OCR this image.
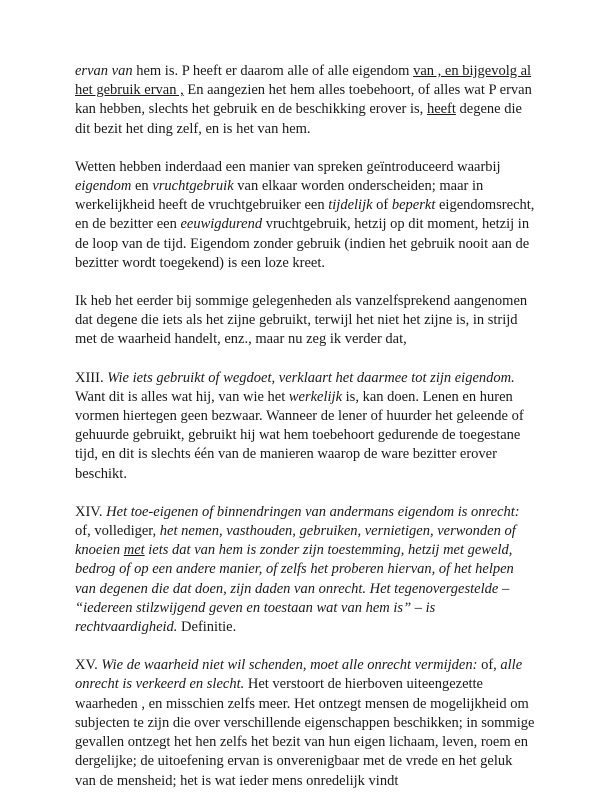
ervan van hem is. P heeft er daarom alle of alle eigendom van , en bijgevolg al het gebruik ervan , En aangezien het hem alles toebehoort, of alles wat P ervan kan hebben, slechts het gebruik en de beschikking erover is, heeft degene die dit bezit het ding zelf, en is het van hem.

Wetten hebben inderdaad een manier van spreken geïntroduceerd waarbij eigendom en vruchtgebruik van elkaar worden onderscheiden; maar in werkelijkheid heeft de vruchtgebruiker een tijdelijk of beperkt eigendomsrecht, en de bezitter een eeuwigdurend vruchtgebruik, hetzij op dit moment, hetzij in de loop van de tijd. Eigendom zonder gebruik (indien het gebruik nooit aan de bezitter wordt toegekend) is een loze kreet.

Ik heb het eerder bij sommige gelegenheden als vanzelfsprekend aangenomen dat degene die iets als het zijne gebruikt, terwijl het niet het zijne is, in strijd met de waarheid handelt, enz., maar nu zeg ik verder dat,

XIII. Wie iets gebruikt of wegdoet, verklaart het daarmee tot zijn eigendom. Want dit is alles wat hij, van wie het werkelijk is, kan doen. Lenen en huren vormen hiertegen geen bezwaar. Wanneer de lener of huurder het geleende of gehuurde gebruikt, gebruikt hij wat hem toebehoort gedurende de toegestane tijd, en dit is slechts één van de manieren waarop de ware bezitter erover beschikt.

XIV. Het toe-eigenen of binnendringen van andermans eigendom is onrecht: of, vollediger, het nemen, vasthouden, gebruiken, vernietigen, verwonden of knoeien met iets dat van hem is zonder zijn toestemming, hetzij met geweld, bedrog of op een andere manier, of zelfs het proberen hiervan, of het helpen van degenen die dat doen, zijn daden van onrecht. Het tegenovergestelde – “iedereen stilzwijgend geven en toestaan wat van hem is” – is rechtvaardigheid. Definitie.

XV. Wie de waarheid niet wil schenden, moet alle onrecht vermijden: of, alle onrecht is verkeerd en slecht. Het verstoort de hierboven uiteengezette waarheden , en misschien zelfs meer. Het ontzegt mensen de mogelijkheid om subjecten te zijn die over verschillende eigenschappen beschikken; in sommige gevallen ontzegt het hen zelfs het bezit van hun eigen lichaam, leven, roem en dergelijke; de uitoefening ervan is onverenigbaar met de vrede en het geluk van de mensheid; het is wat ieder mens onredelijk vindt
